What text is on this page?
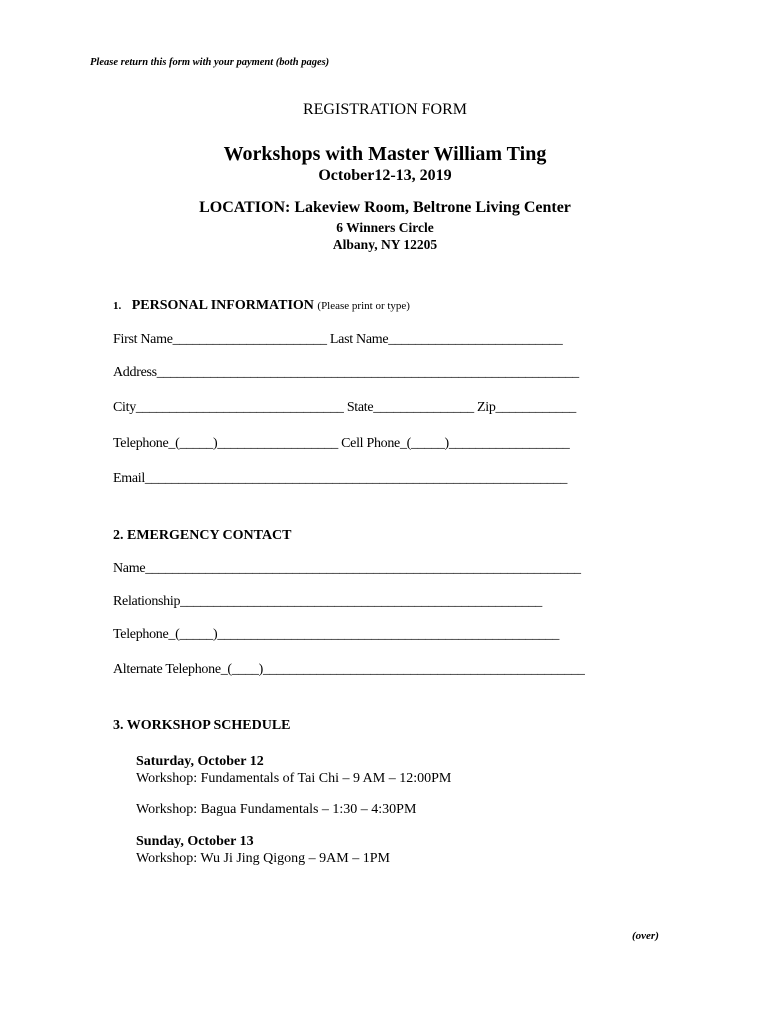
Please return this form with your payment (both pages)
REGISTRATION FORM
Workshops with Master William Ting
October12-13, 2019
LOCATION: Lakeview Room, Beltrone Living Center
6 Winners Circle
Albany, NY 12205
1. PERSONAL INFORMATION (Please print or type)
First Name_______________________ Last Name__________________________
Address_______________________________________________________________
City_______________________________ State_______________ Zip____________
Telephone_(_____)__________________ Cell Phone_(_____)__________________
Email_______________________________________________________________
2. EMERGENCY CONTACT
Name_________________________________________________________________
Relationship______________________________________________________
Telephone_(_____)___________________________________________________
Alternate Telephone_(____)________________________________________________
3. WORKSHOP SCHEDULE
Saturday, October 12
Workshop: Fundamentals of Tai Chi – 9 AM – 12:00PM
Workshop: Bagua Fundamentals – 1:30 – 4:30PM
Sunday, October 13
Workshop: Wu Ji Jing Qigong – 9AM – 1PM
(over)
